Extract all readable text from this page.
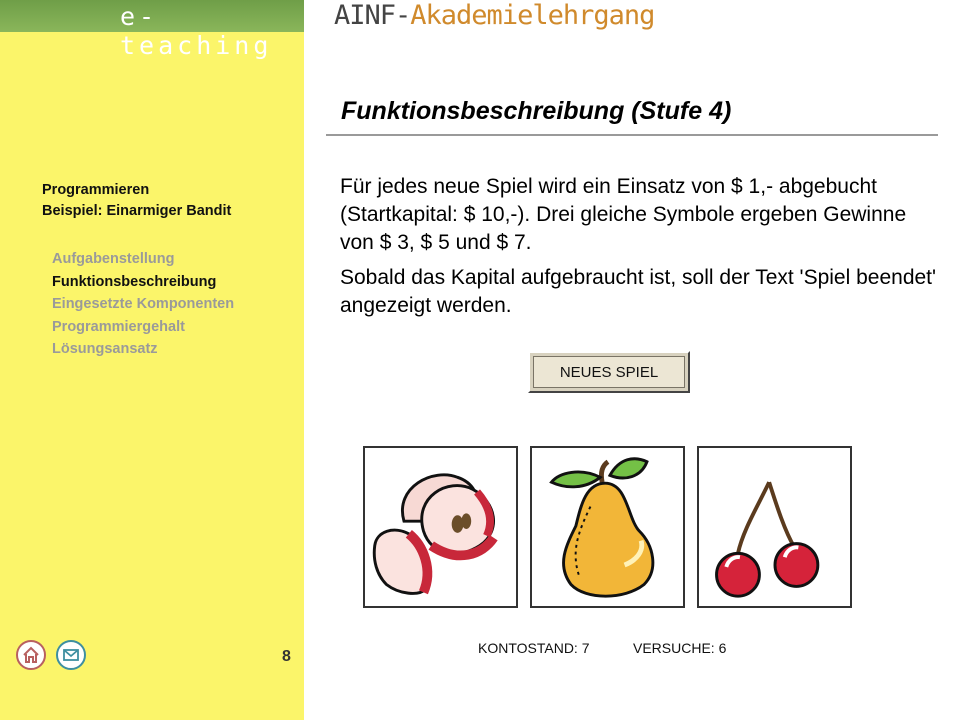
e-teaching
Programmieren
Beispiel: Einarmiger Bandit
Aufgabenstellung
Funktionsbeschreibung
Eingesetzte Komponenten
Programmiergehalt
Lösungsansatz
8
AINF-Akademielehrgang
Funktionsbeschreibung (Stufe 4)

Für jedes neue Spiel wird ein Einsatz von $ 1,- abgebucht (Startkapital: $ 10,-). Drei gleiche Symbole ergeben Gewinne von $ 3, $ 5 und $ 7.

Sobald das Kapital aufgebraucht ist, soll der Text 'Spiel beendet' angezeigt werden.

NEUES SPIEL
KONTOSTAND: 7	VERSUCHE: 6
